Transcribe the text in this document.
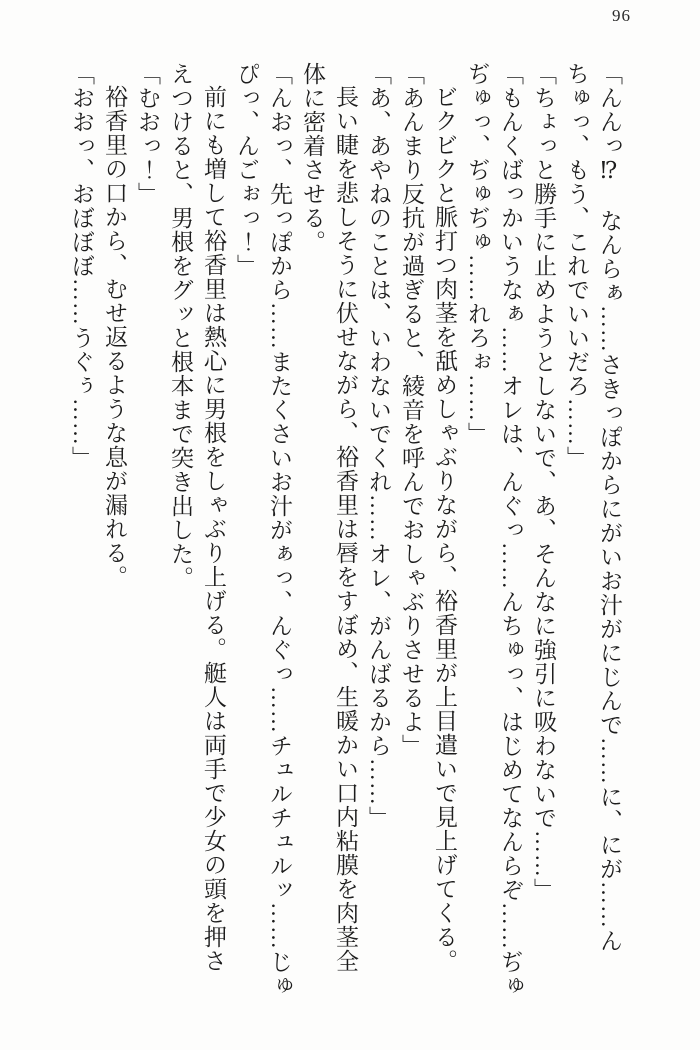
96
「んんっ⁉　なんらぁ……さきっぽからにがいお汁がにじんで……に、にが……ん
ちゅっ、もう、これでいいだろ……」
「ちょっと勝手に止めようとしないで、あ、そんなに強引に吸わないで……」
「もんくばっかいうなぁ……オレは、んぐっ……んちゅっ、はじめてなんらぞ……ぢゅ
ぢゅっ、ぢゅぢゅ……れろぉ……」
ビクビクと脈打つ肉茎を舐めしゃぶりながら、裕香里が上目遣いで見上げてくる。
「あんまり反抗が過ぎると、綾音を呼んでおしゃぶりさせるよ」
「あ、あやねのことは、いわないでくれ……オレ、がんばるから……」
長い睫を悲しそうに伏せながら、裕香里は唇をすぼめ、生暖かい口内粘膜を肉茎全
体に密着させる。
「んおっ、先っぽから……またくさいお汁がぁっ、んぐっ……チュルチュルッ……じゅ
ぴっ、んごぉっ！」
前にも増して裕香里は熱心に男根をしゃぶり上げる。艇人は両手で少女の頭を押さ
えつけると、男根をグッと根本まで突き出した。
「むおっ！」
裕香里の口から、むせ返るような息が漏れる。
「おおっ、おぼぼぼ……うぐぅ……」
